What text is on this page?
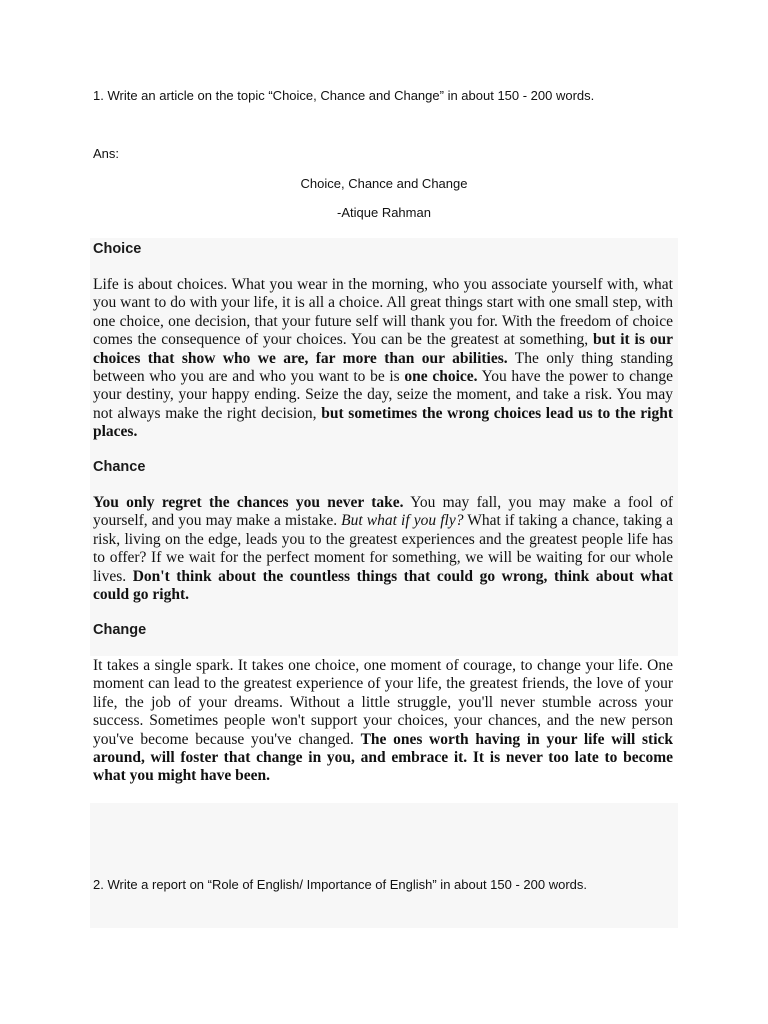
1. Write an article on the topic “Choice, Chance and Change” in about 150 - 200 words.
Ans:
Choice, Chance and Change
-Atique Rahman
Choice
Life is about choices. What you wear in the morning, who you associate yourself with, what you want to do with your life, it is all a choice. All great things start with one small step, with one choice, one decision, that your future self will thank you for. With the freedom of choice comes the consequence of your choices. You can be the greatest at something, but it is our choices that show who we are, far more than our abilities. The only thing standing between who you are and who you want to be is one choice. You have the power to change your destiny, your happy ending. Seize the day, seize the moment, and take a risk. You may not always make the right decision, but sometimes the wrong choices lead us to the right places.
Chance
You only regret the chances you never take. You may fall, you may make a fool of yourself, and you may make a mistake. But what if you fly? What if taking a chance, taking a risk, living on the edge, leads you to the greatest experiences and the greatest people life has to offer? If we wait for the perfect moment for something, we will be waiting for our whole lives. Don't think about the countless things that could go wrong, think about what could go right.
Change
It takes a single spark. It takes one choice, one moment of courage, to change your life. One moment can lead to the greatest experience of your life, the greatest friends, the love of your life, the job of your dreams. Without a little struggle, you'll never stumble across your success. Sometimes people won't support your choices, your chances, and the new person you've become because you've changed. The ones worth having in your life will stick around, will foster that change in you, and embrace it. It is never too late to become what you might have been.
2. Write a report on “Role of English/ Importance of English” in about 150 - 200 words.
